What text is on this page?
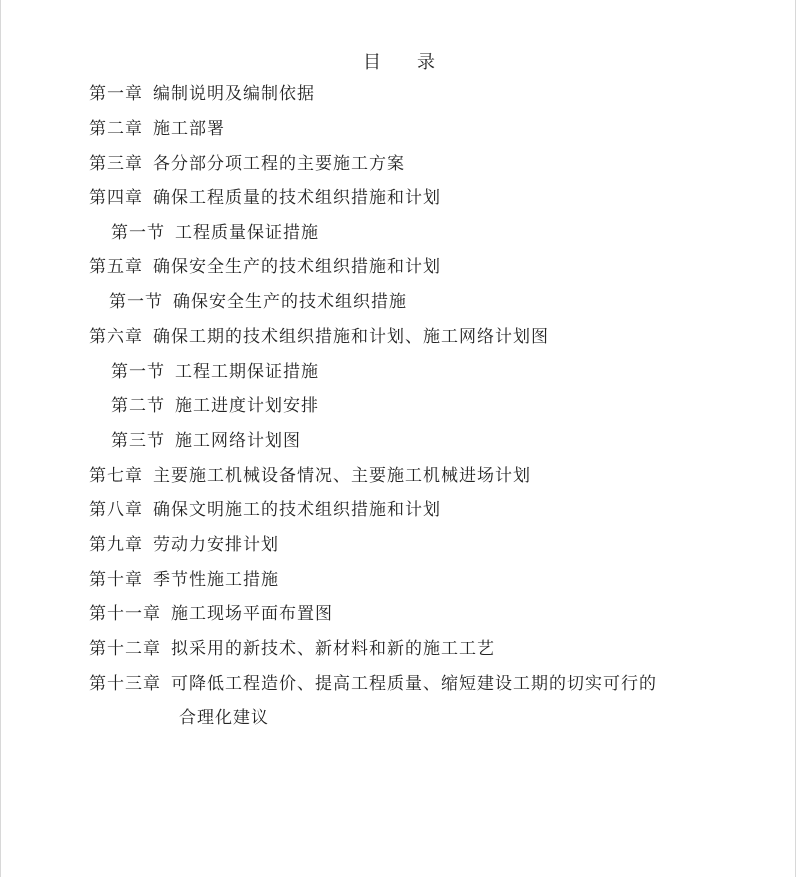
目 录
第一章 编制说明及编制依据
第二章 施工部署
第三章 各分部分项工程的主要施工方案
第四章 确保工程质量的技术组织措施和计划
第一节 工程质量保证措施
第五章 确保安全生产的技术组织措施和计划
第一节 确保安全生产的技术组织措施
第六章 确保工期的技术组织措施和计划、施工网络计划图
第一节 工程工期保证措施
第二节 施工进度计划安排
第三节 施工网络计划图
第七章 主要施工机械设备情况、主要施工机械进场计划
第八章 确保文明施工的技术组织措施和计划
第九章 劳动力安排计划
第十章 季节性施工措施
第十一章 施工现场平面布置图
第十二章 拟采用的新技术、新材料和新的施工工艺
第十三章 可降低工程造价、提高工程质量、缩短建设工期的切实可行的
合理化建议
